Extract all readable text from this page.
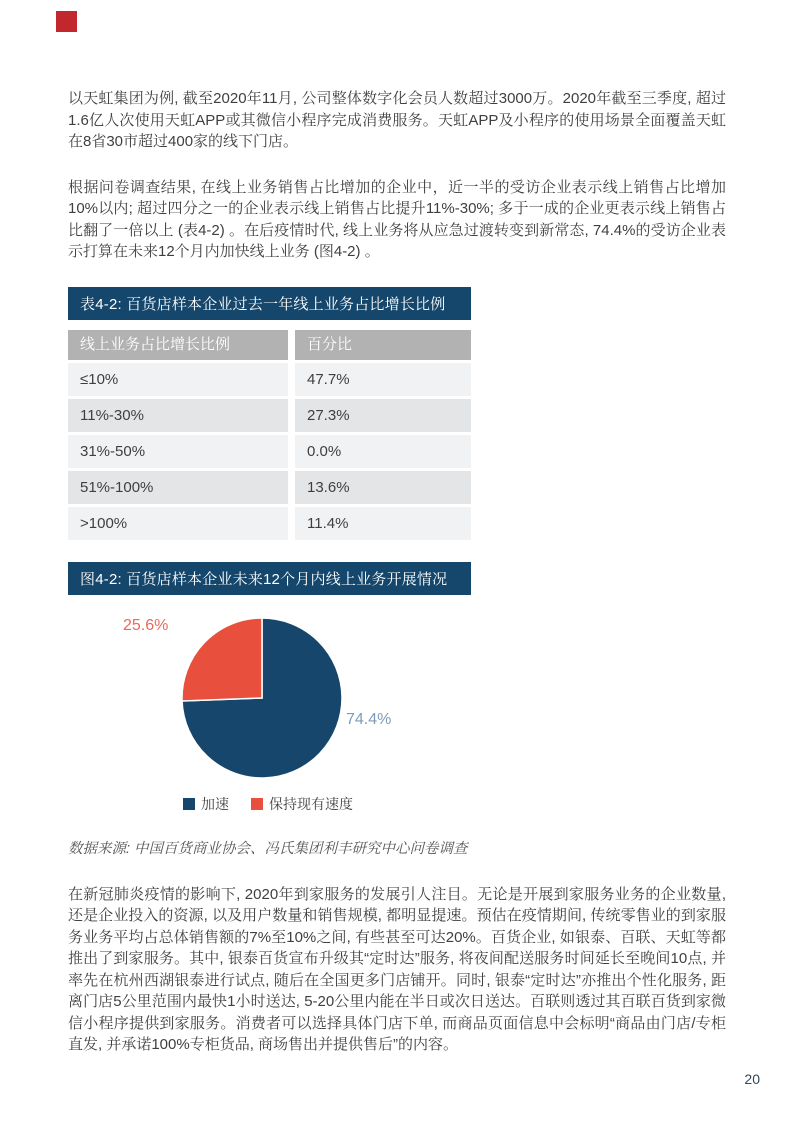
以天虹集团为例, 截至2020年11月, 公司整体数字化会员人数超过3000万。2020年截至三季度, 超过1.6亿人次使用天虹APP或其微信小程序完成消费服务。天虹APP及小程序的使用场景全面覆盖天虹在8省30市超过400家的线下门店。

根据问卷调查结果, 在线上业务销售占比增加的企业中，近一半的受访企业表示线上销售占比增加10%以内; 超过四分之一的企业表示线上销售占比提升11%-30%; 多于一成的企业更表示线上销售占比翻了一倍以上 (表4-2) 。在后疫情时代, 线上业务将从应急过渡转变到新常态, 74.4%的受访企业表示打算在未来12个月内加快线上业务 (图4-2) 。

表4-2: 百货店样本企业过去一年线上业务占比增长比例
线上业务占比增长比例	百分比
≤10%	47.7%
11%-30%	27.3%
31%-50%	0.0%
51%-100%	13.6%
>100%	11.4%
图4-2: 百货店样本企业未来12个月内线上业务开展情况
74.4%
25.6%
加速	保持现有速度

数据来源: 中国百货商业协会、冯氏集团利丰研究中心问卷调查

在新冠肺炎疫情的影响下, 2020年到家服务的发展引人注目。无论是开展到家服务业务的企业数量, 还是企业投入的资源, 以及用户数量和销售规模, 都明显提速。预估在疫情期间, 传统零售业的到家服务业务平均占总体销售额的7%至10%之间, 有些甚至可达20%。百货企业, 如银泰、百联、天虹等都推出了到家服务。其中, 银泰百货宣布升级其“定时达”服务, 将夜间配送服务时间延长至晚间10点, 并率先在杭州西湖银泰进行试点, 随后在全国更多门店铺开。同时, 银泰“定时达”亦推出个性化服务, 距离门店5公里范围内最快1小时送达, 5-20公里内能在半日或次日送达。百联则透过其百联百货到家微信小程序提供到家服务。消费者可以选择具体门店下单, 而商品页面信息中会标明“商品由门店/专柜直发, 并承诺100%专柜货品, 商场售出并提供售后”的内容。

20
